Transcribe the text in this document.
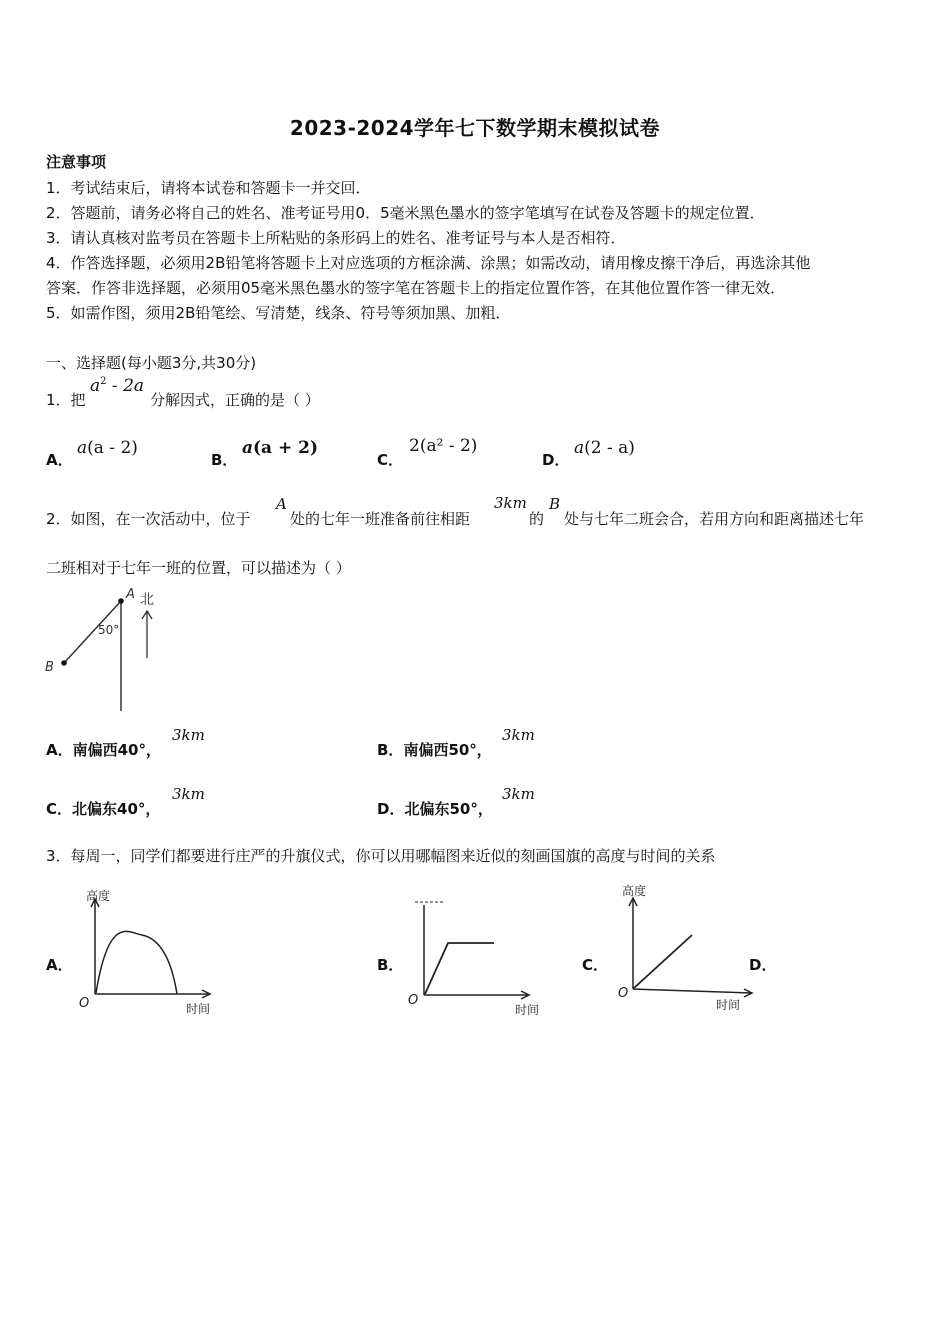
2023-2024学年七下数学期末模拟试卷
注意事项
1．考试结束后，请将本试卷和答题卡一并交回．
2．答题前，请务必将自己的姓名、准考证号用0．5毫米黑色墨水的签字笔填写在试卷及答题卡的规定位置．
3．请认真核对监考员在答题卡上所粘贴的条形码上的姓名、准考证号与本人是否相符．
4．作答选择题，必须用2B铅笔将答题卡上对应选项的方框涂满、涂黑；如需改动，请用橡皮擦干净后，再选涂其他
答案．作答非选择题，必须用05毫米黑色墨水的签字笔在答题卡上的指定位置作答，在其他位置作答一律无效．
5．如需作图，须用2B铅笔绘、写清楚，线条、符号等须加黑、加粗．
一、选择题(每小题3分,共30分)
1．把
$a^2 - 2a$
分解因式，正确的是（ ）
A．
a(a - 2)
B．
a(a + 2)
C．
2(a² - 2)
D．
a(2 - a)
2．如图，在一次活动中，位于
A
处的七年一班准备前往相距
3km
的
B
处与七年二班会合，若用方向和距离描述七年
二班相对于七年一班的位置，可以描述为（ ）
A
B
北
50°
A．南偏西40°，
3km
B．南偏西50°，
3km
C．北偏东40°，
3km
D．北偏东50°，
3km
3．每周一，同学们都要进行庄严的升旗仪式，你可以用哪幅图来近似的刻画国旗的高度与时间的关系
A．	B．	C．	D．
高度
时间
O	时间
O
高度
时间
O
